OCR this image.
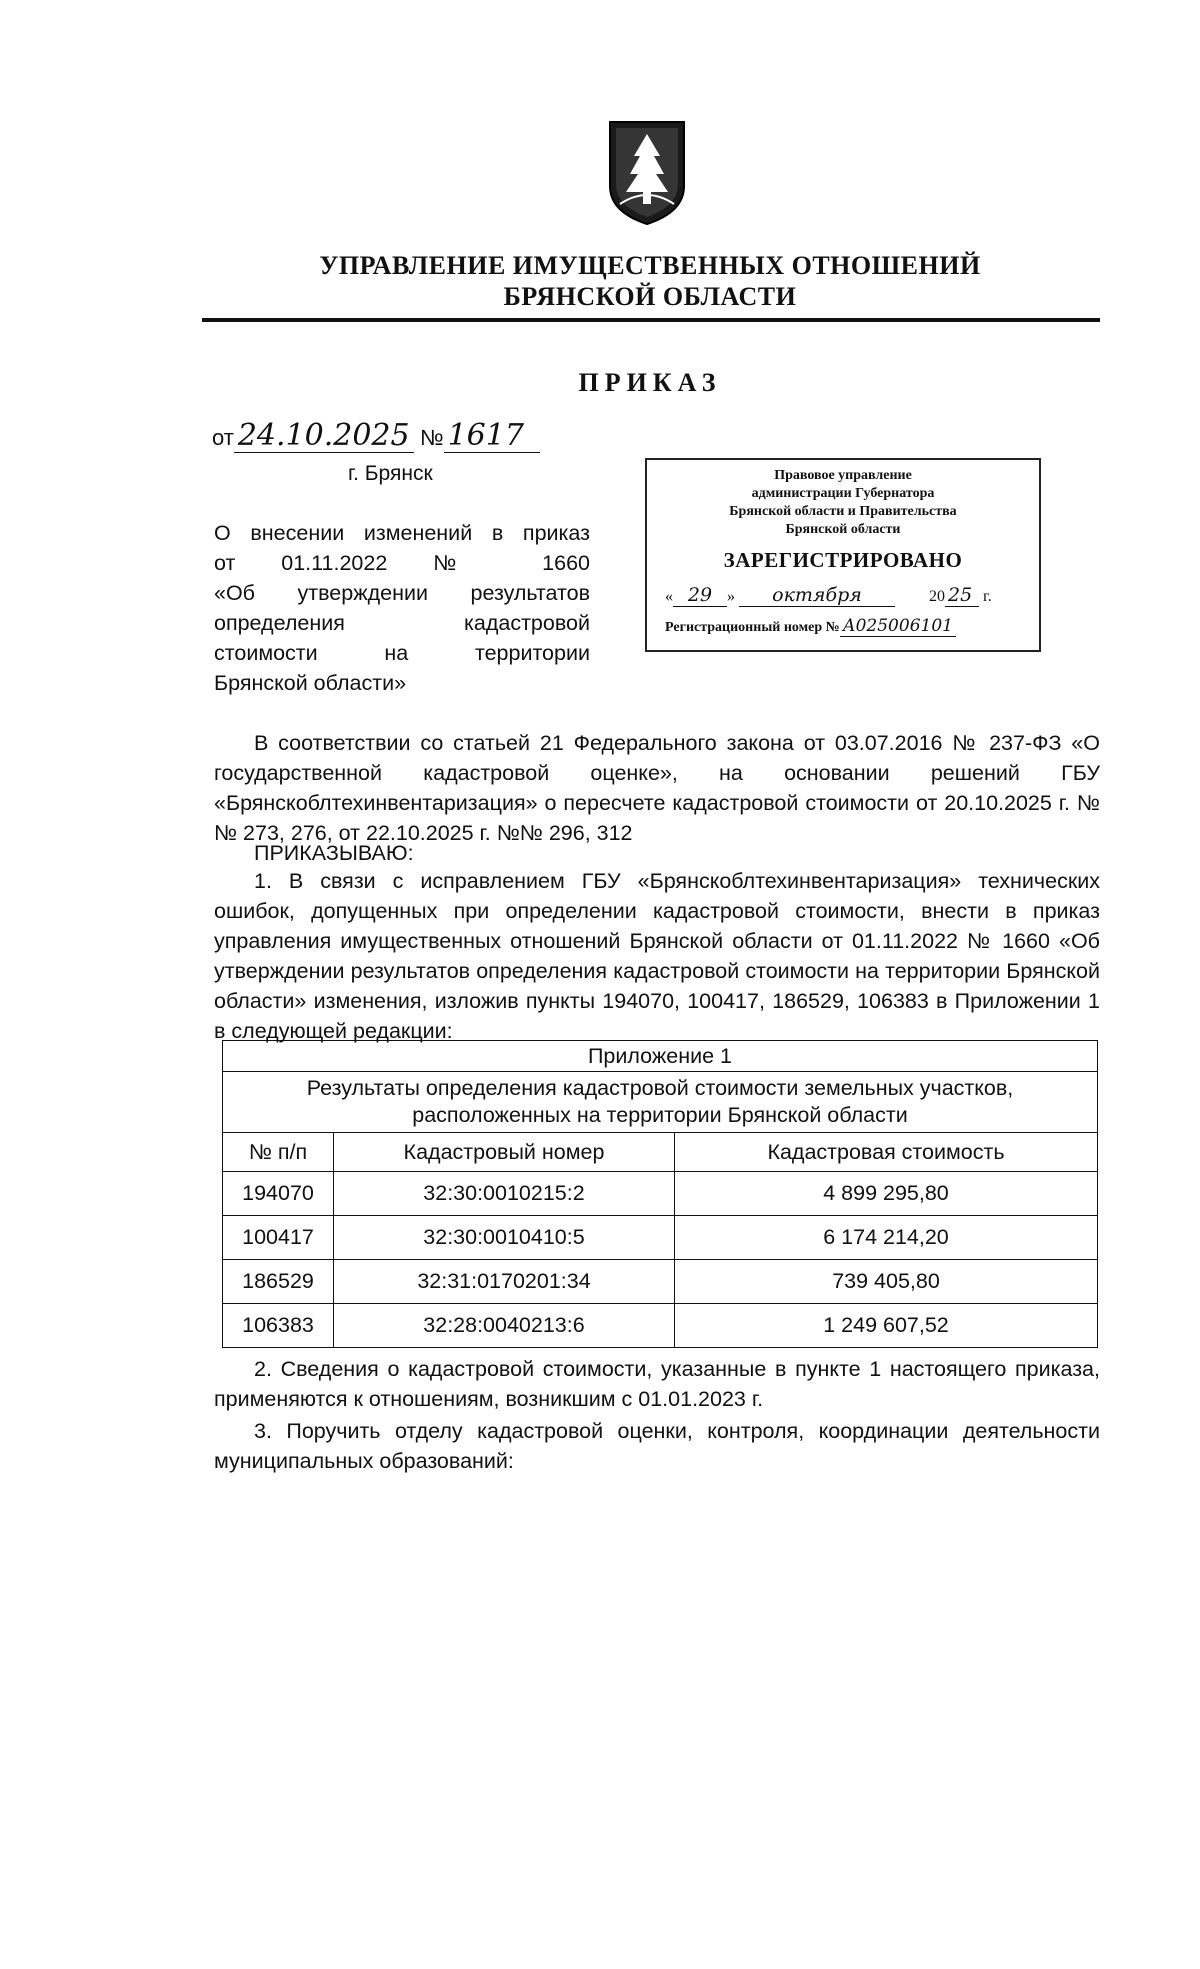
УПРАВЛЕНИЕ ИМУЩЕСТВЕННЫХ ОТНОШЕНИЙ
БРЯНСКОЙ ОБЛАСТИ
ПРИКАЗ
от 24.10.2025 № 1617
г. Брянск
О внесении изменений в приказ
от 01.11.2022 № 1660
«Об утверждении результатов
определения кадастровой
стоимости на территории
Брянской области»
Правовое управление
администрации Губернатора
Брянской области и Правительства
Брянской области
ЗАРЕГИСТРИРОВАНО
« 29 » октября	20 25 г.
Регистрационный номер № А025006101
В соответствии со статьей 21 Федерального закона от 03.07.2016 № 237-ФЗ «О государственной кадастровой оценке», на основании решений ГБУ «Брянскоблтехинвентаризация» о пересчете кадастровой стоимости от 20.10.2025 г. №№ 273, 276, от 22.10.2025 г. №№ 296, 312
ПРИКАЗЫВАЮ:
1. В связи с исправлением ГБУ «Брянскоблтехинвентаризация» технических ошибок, допущенных при определении кадастровой стоимости, внести в приказ управления имущественных отношений Брянской области от 01.11.2022 № 1660 «Об утверждении результатов определения кадастровой стоимости на территории Брянской области» изменения, изложив пункты 194070, 100417, 186529, 106383 в Приложении 1 в следующей редакции:
Приложение 1		
Результаты определения кадастровой стоимости земельных участков,
расположенных на территории Брянской области		
№ п/п	Кадастровый номер	Кадастровая стоимость
194070	32:30:0010215:2	4 899 295,80
100417	32:30:0010410:5	6 174 214,20
186529	32:31:0170201:34	739 405,80
106383	32:28:0040213:6	1 249 607,52
2. Сведения о кадастровой стоимости, указанные в пункте 1 настоящего приказа, применяются к отношениям, возникшим с 01.01.2023 г.
3. Поручить отделу кадастровой оценки, контроля, координации деятельности муниципальных образований:
